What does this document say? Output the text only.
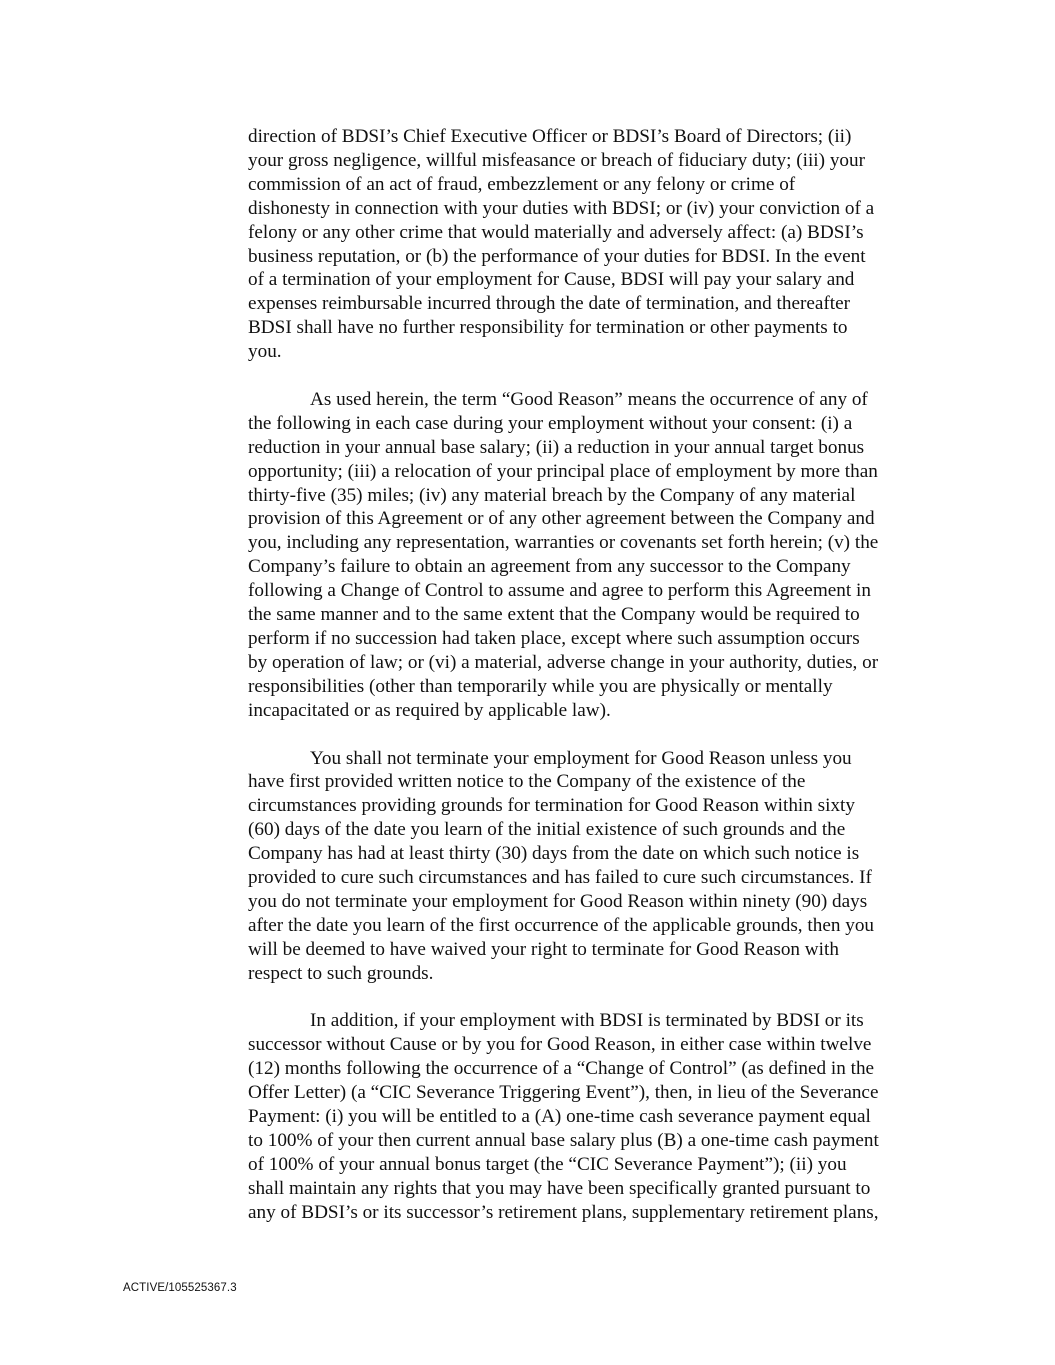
direction of BDSI’s Chief Executive Officer or BDSI’s Board of Directors; (ii)
your gross negligence, willful misfeasance or breach of fiduciary duty; (iii) your
commission of an act of fraud, embezzlement or any felony or crime of
dishonesty in connection with your duties with BDSI; or (iv) your conviction of a
felony or any other crime that would materially and adversely affect: (a) BDSI’s
business reputation, or (b) the performance of your duties for BDSI. In the event
of a termination of your employment for Cause, BDSI will pay your salary and
expenses reimbursable incurred through the date of termination, and thereafter
BDSI shall have no further responsibility for termination or other payments to
you.

As used herein, the term “Good Reason” means the occurrence of any of
the following in each case during your employment without your consent: (i) a
reduction in your annual base salary; (ii) a reduction in your annual target bonus
opportunity; (iii) a relocation of your principal place of employment by more than
thirty-five (35) miles; (iv) any material breach by the Company of any material
provision of this Agreement or of any other agreement between the Company and
you, including any representation, warranties or covenants set forth herein; (v) the
Company’s failure to obtain an agreement from any successor to the Company
following a Change of Control to assume and agree to perform this Agreement in
the same manner and to the same extent that the Company would be required to
perform if no succession had taken place, except where such assumption occurs
by operation of law; or (vi) a material, adverse change in your authority, duties, or
responsibilities (other than temporarily while you are physically or mentally
incapacitated or as required by applicable law).

You shall not terminate your employment for Good Reason unless you
have first provided written notice to the Company of the existence of the
circumstances providing grounds for termination for Good Reason within sixty
(60) days of the date you learn of the initial existence of such grounds and the
Company has had at least thirty (30) days from the date on which such notice is
provided to cure such circumstances and has failed to cure such circumstances. If
you do not terminate your employment for Good Reason within ninety (90) days
after the date you learn of the first occurrence of the applicable grounds, then you
will be deemed to have waived your right to terminate for Good Reason with
respect to such grounds.

In addition, if your employment with BDSI is terminated by BDSI or its
successor without Cause or by you for Good Reason, in either case within twelve
(12) months following the occurrence of a “Change of Control” (as defined in the
Offer Letter) (a “CIC Severance Triggering Event”), then, in lieu of the Severance
Payment: (i) you will be entitled to a (A) one-time cash severance payment equal
to 100% of your then current annual base salary plus (B) a one-time cash payment
of 100% of your annual bonus target (the “CIC Severance Payment”); (ii) you
shall maintain any rights that you may have been specifically granted pursuant to
any of BDSI’s or its successor’s retirement plans, supplementary retirement plans,

ACTIVE/105525367.3
